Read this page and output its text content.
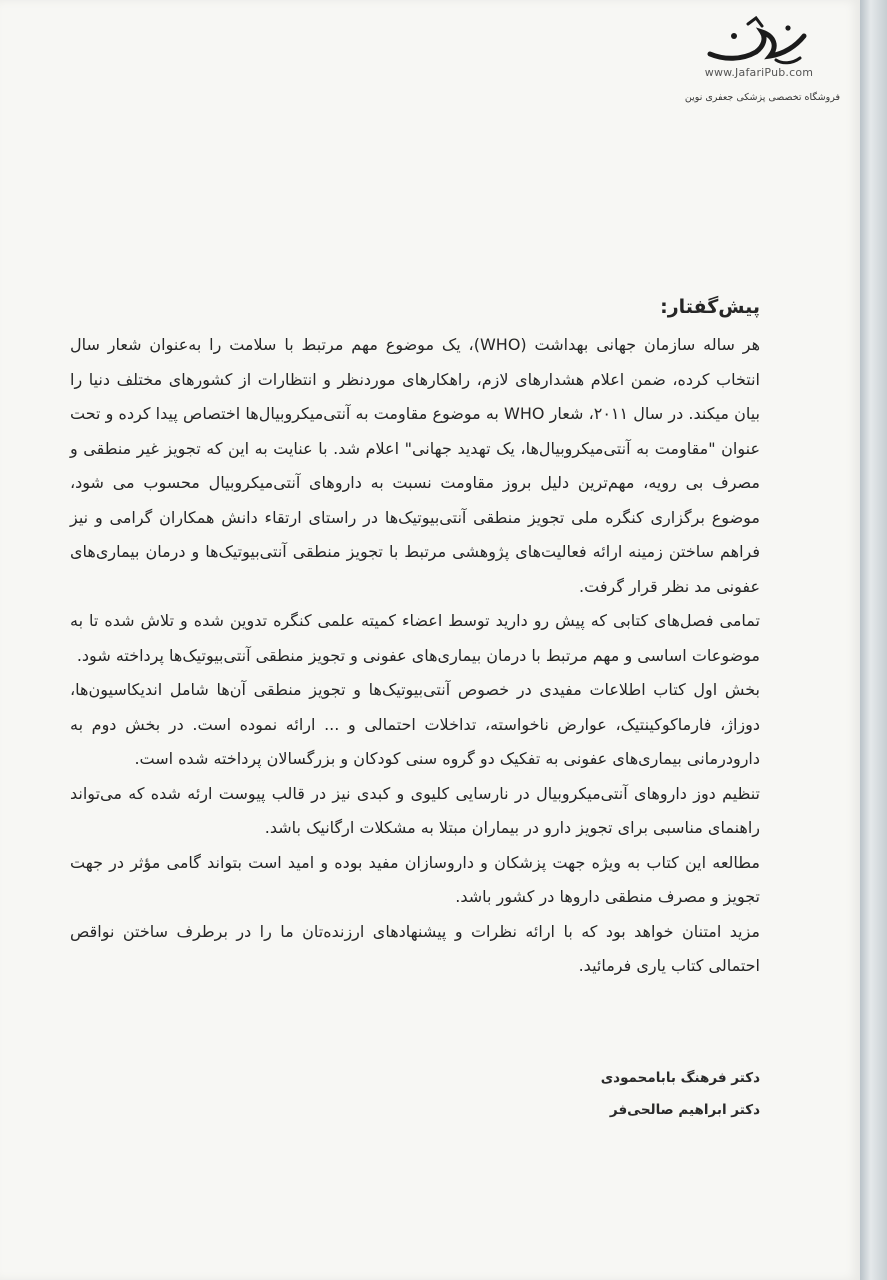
www.JafariPub.com
فروشگاه تخصصی پزشکی جعفری نوین
پیش‌گفتار:

هر ساله سازمان جهانی بهداشت (WHO)، یک موضوع مهم مرتبط با سلامت را به‌عنوان شعار سال انتخاب کرده، ضمن اعلام هشدارهای لازم، راهکارهای موردنظر و انتظارات از کشورهای مختلف دنیا را بیان میکند. در سال ۲۰۱۱، شعار WHO به موضوع مقاومت به آنتی‌میکروبیال‌ها اختصاص پیدا کرده و تحت عنوان "مقاومت به آنتی‌میکروبیال‌ها، یک تهدید جهانی" اعلام شد. با عنایت به این که تجویز غیر منطقی و مصرف بی رویه، مهم‌ترین دلیل بروز مقاومت نسبت به داروهای آنتی‌میکروبیال محسوب می شود، موضوع برگزاری کنگره ملی تجویز منطقی آنتی‌بیوتیک‌ها در راستای ارتقاء دانش همکاران گرامی و نیز فراهم ساختن زمینه ارائه فعالیت‌های پژوهشی مرتبط با تجویز منطقی آنتی‌بیوتیک‌ها و درمان بیماری‌های عفونی مد نظر قرار گرفت.

تمامی فصل‌های کتابی که پیش رو دارید توسط اعضاء کمیته علمی کنگره تدوین شده و تلاش شده تا به موضوعات اساسی و مهم مرتبط با درمان بیماری‌های عفونی و تجویز منطقی آنتی‌بیوتیک‌ها پرداخته شود.

بخش اول کتاب اطلاعات مفیدی در خصوص آنتی‌بیوتیک‌ها و تجویز منطقی آن‌ها شامل اندیکاسیون‌ها، دوزاژ، فارماکوکینتیک، عوارض ناخواسته، تداخلات احتمالی و ... ارائه نموده است. در بخش دوم به دارودرمانی بیماری‌های عفونی به تفکیک دو گروه سنی کودکان و بزرگسالان پرداخته شده است.

تنظیم دوز داروهای آنتی‌میکروبیال در نارسایی کلیوی و کبدی نیز در قالب پیوست ارئه شده که می‌تواند راهنمای مناسبی برای تجویز دارو در بیماران مبتلا به مشکلات ارگانیک باشد.

مطالعه این کتاب به ویژه جهت پزشکان و داروسازان مفید بوده و امید است بتواند گامی مؤثر در جهت تجویز و مصرف منطقی داروها در کشور باشد.

مزید امتنان خواهد بود که با ارائه نظرات و پیشنهادهای ارزنده‌تان ما را در برطرف ساختن نواقص احتمالی کتاب یاری فرمائید.

دکتر فرهنگ بابامحمودی
دکتر ابراهیم صالحی‌فر
